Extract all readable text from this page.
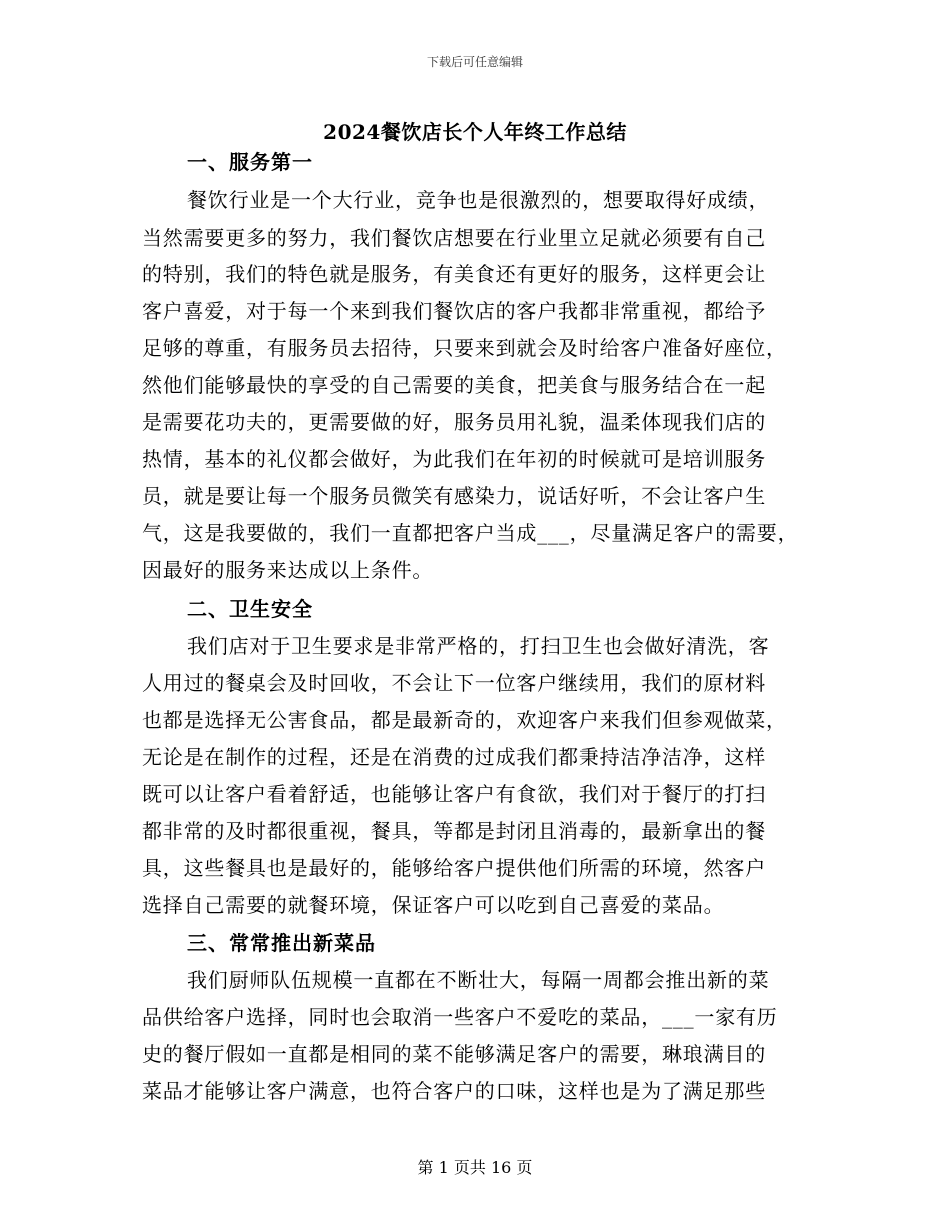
下载后可任意编辑
2024餐饮店长个人年终工作总结
一、服务第一
餐饮行业是一个大行业，竞争也是很激烈的，想要取得好成绩，
当然需要更多的努力，我们餐饮店想要在行业里立足就必须要有自己
的特别，我们的特色就是服务，有美食还有更好的服务，这样更会让
客户喜爱，对于每一个来到我们餐饮店的客户我都非常重视，都给予
足够的尊重，有服务员去招待，只要来到就会及时给客户准备好座位，
然他们能够最快的享受的自己需要的美食，把美食与服务结合在一起
是需要花功夫的，更需要做的好，服务员用礼貌，温柔体现我们店的
热情，基本的礼仪都会做好，为此我们在年初的时候就可是培训服务
员，就是要让每一个服务员微笑有感染力，说话好听，不会让客户生
气，这是我要做的，我们一直都把客户当成___，尽量满足客户的需要，
因最好的服务来达成以上条件。
二、卫生安全
我们店对于卫生要求是非常严格的，打扫卫生也会做好清洗，客
人用过的餐桌会及时回收，不会让下一位客户继续用，我们的原材料
也都是选择无公害食品，都是最新奇的，欢迎客户来我们但参观做菜，
无论是在制作的过程，还是在消费的过成我们都秉持洁净洁净，这样
既可以让客户看着舒适，也能够让客户有食欲，我们对于餐厅的打扫
都非常的及时都很重视，餐具，等都是封闭且消毒的，最新拿出的餐
具，这些餐具也是最好的，能够给客户提供他们所需的环境，然客户
选择自己需要的就餐环境，保证客户可以吃到自己喜爱的菜品。
三、常常推出新菜品
我们厨师队伍规模一直都在不断壮大，每隔一周都会推出新的菜
品供给客户选择，同时也会取消一些客户不爱吃的菜品，___一家有历
史的餐厅假如一直都是相同的菜不能够满足客户的需要，琳琅满目的
菜品才能够让客户满意，也符合客户的口味，这样也是为了满足那些
第 1 页共 16 页
